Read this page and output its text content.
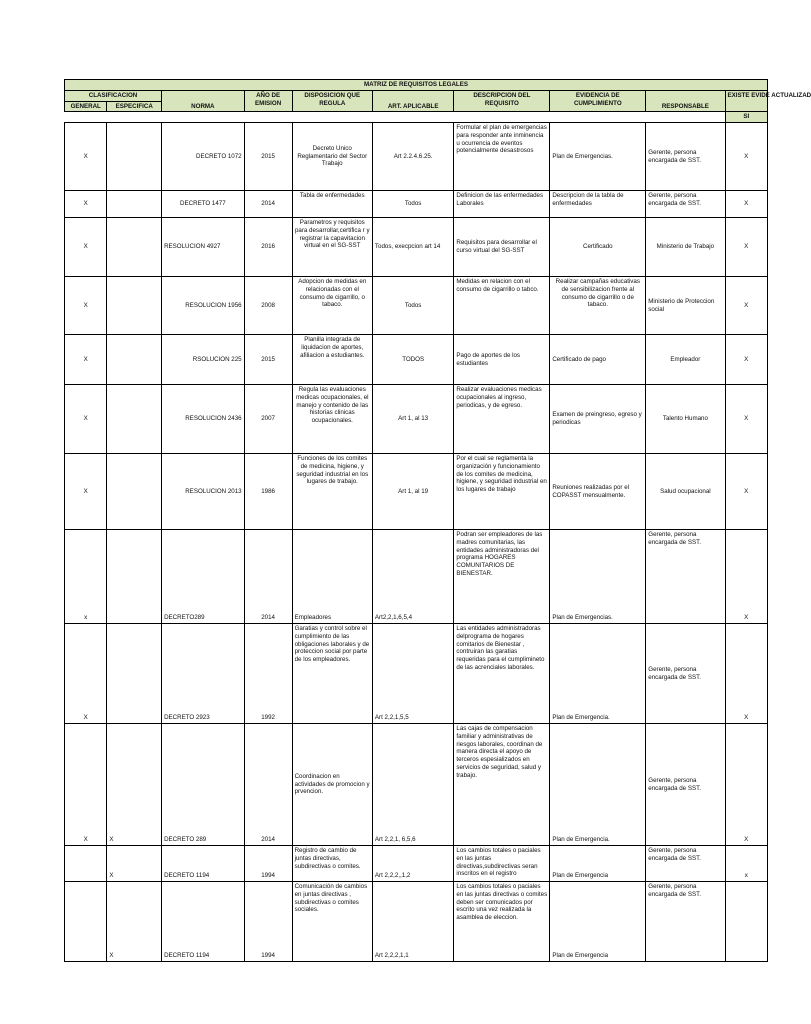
MATRIZ DE REQUISITOS LEGALES									
CLASIFICACION		NORMA	AÑO DE EMISION	DISPOSICION QUE REGULA	ART. APLICABLE	DESCRIPCION DEL REQUISITO	EVIDENCIA DE CUMPLIMIENTO	RESPONSABLE	EXISTE EVIDE ACTUALIZAD
GENERAL	ESPECIFICA								
									SI
X		DECRETO 1072	2015	Decreto Unico Reglamentario del Sector Trabajo	Art 2.2.4.6.25.	Formular el plan de emergencias para responder ante inminencia u ocurrencia de eventos potencialmente desastrosos	Plan de Emergencias.	Gerente, persona encargada de SST.	X
X		DECRETO 1477	2014	Tabla de enfermedades	Todos	Definicion de las enfermedades Laborales	Descripcion de la tabla de enfermedades	Gerente, persona encargada de SST.	X
X		RESOLUCION 4927	2016	Parametros y requisitos para desarrollar,certifica r y registrar la capavitacion virtual en el SG-SST	Todos, execpcion art 14	Requisitos para desarrollar el curso virtual del SG-SST	Certificado	Ministerio de Trabajo	X
X		RESOLUCION 1956	2008	Adopcion de medidas en relacionadas con el consumo de cigarrillo, o tabaco.	Todos	Medidas en relacion con el consumo de cigarrillo o tabco.	Realizar campañas educativas de sensibilizacion frente al consumo de cigarrillo o de tabaco.	Ministerio de Proteccion social	X
X		RSOLUCION 225	2015	Planilla integrada de liquidacion de aportes, afiliacion a estudiantes.	TODOS	Pago de aportes de los estudiantes	Certificado de pago	Empleador	X
X		RESOLUCION 2436	2007	Regula las evaluaciones medicas ocupacionales, el manejo y contenido de las historias clinicas ocupacionales.	Art 1, al 13	Realizar evaluaciones medicas ocupacionales al ingreso, periodicas, y de egreso.	Examen de preingreso, egreso y periodicas	Talento Humano	X
X		RESOLUCION 2013	1986	Funciones de los comites de medicina, higiene, y seguridad industrial en los lugares de trabajo.	Art 1, al 19	Por el cual se reglamenta la organización y funcionamiento de los comites de medicina, higiene, y seguridad industrial en los lugares de trabajo	Reuniones realizadas por el COPASST mensualmente.	Salud ocupacional	X
x		DECRETO289	2014	Empleadores	Art2,2,1,6,5,4	Podran ser empleadores de las madres comunitarias, las entidades administradoras del programa HOGARES COMUNITARIOS DE BIENESTAR.	Plan de Emergencias.	Gerente, persona encargada de SST.	X
X		DECRETO 2923	1992	Garatias y control sobre el cumplimiento de las obligaciones laborales y de proteccion social por parte de los empleadores.	Art 2,2,1,5,5	Las entidades administradoras delprograma de hogares comitarios de Bienestar , contruiran las garatias requeridas para el cumplimineto de las acrenciales laborales.	Plan de Emergencia.	Gerente, persona encargada de SST.	X
X	X	DECRETO 289	2014	Coordinacion en actividades de promocion y prvencion.	Art 2,2,1, 6,5,6	Las cajas de compensacion familiar y administrativas de riesgos laborales, coordinan de manera directa el apoyo de terceros espesializados en servicios de seguridad, salud y trabajo.	Plan de Emergencia.	Gerente, persona encargada de SST.	X
	X	DECRETO 1194	1994	Registro de cambio de juntas directivas, subdirectivas o comites.	Art 2,2,2,,1,2	Los cambios totales o paciales en las juntas directivas,subdirectivas seran inscritos en el registro	Plan de Emergencia	Gerente, persona encargada de SST.	x
	X	DECRETO 1194	1994	Comunicación de cambios en juntas directivas , subdirectivas o comites sociales.	Art 2,2,2,1,1	Los cambios totales o paciales en las juntas directivas o comites deben ser comunicados por escrito una vez realizada la asamblea de eleccion.	Plan de Emergencia	Gerente, persona encargada de SST.	
